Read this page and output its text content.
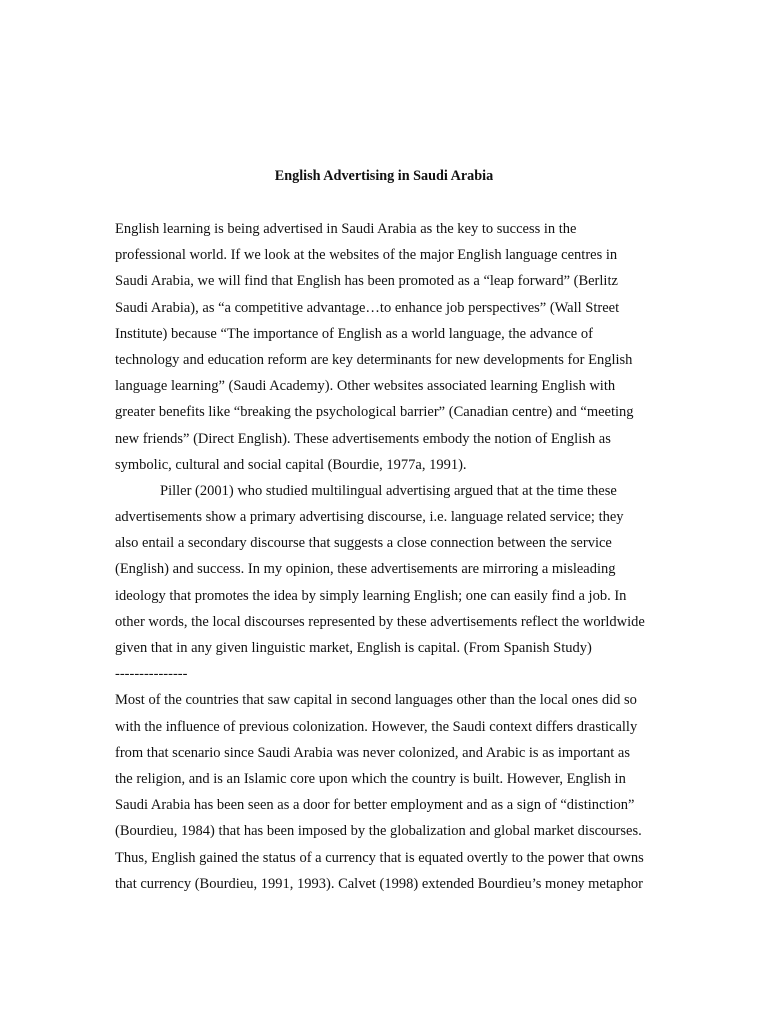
English Advertising in Saudi Arabia
English learning is being advertised in Saudi Arabia as the key to success in the
professional world. If we look at the websites of the major English language centres in
Saudi Arabia, we will find that English has been promoted as a “leap forward” (Berlitz
Saudi Arabia), as “a competitive advantage…to enhance job perspectives” (Wall Street
Institute) because “The importance of English as a world language, the advance of
technology and education reform are key determinants for new developments for English
language learning” (Saudi Academy). Other websites associated learning English with
greater benefits like “breaking the psychological barrier” (Canadian centre) and “meeting
new friends” (Direct English). These advertisements embody the notion of English as
symbolic, cultural and social capital (Bourdie, 1977a, 1991).
Piller (2001) who studied multilingual advertising argued that at the time these
advertisements show a primary advertising discourse, i.e. language related service; they
also entail a secondary discourse that suggests a close connection between the service
(English) and success. In my opinion, these advertisements are mirroring a misleading
ideology that promotes the idea by simply learning English; one can easily find a job. In
other words, the local discourses represented by these advertisements reflect the worldwide
given that in any given linguistic market, English is capital. (From Spanish Study)
---------------
Most of the countries that saw capital in second languages other than the local ones did so
with the influence of previous colonization. However, the Saudi context differs drastically
from that scenario since Saudi Arabia was never colonized, and Arabic is as important as
the religion, and is an Islamic core upon which the country is built. However, English in
Saudi Arabia has been seen as a door for better employment and as a sign of “distinction”
(Bourdieu, 1984) that has been imposed by the globalization and global market discourses.
Thus, English gained the status of a currency that is equated overtly to the power that owns
that currency (Bourdieu, 1991, 1993). Calvet (1998) extended Bourdieu’s money metaphor
